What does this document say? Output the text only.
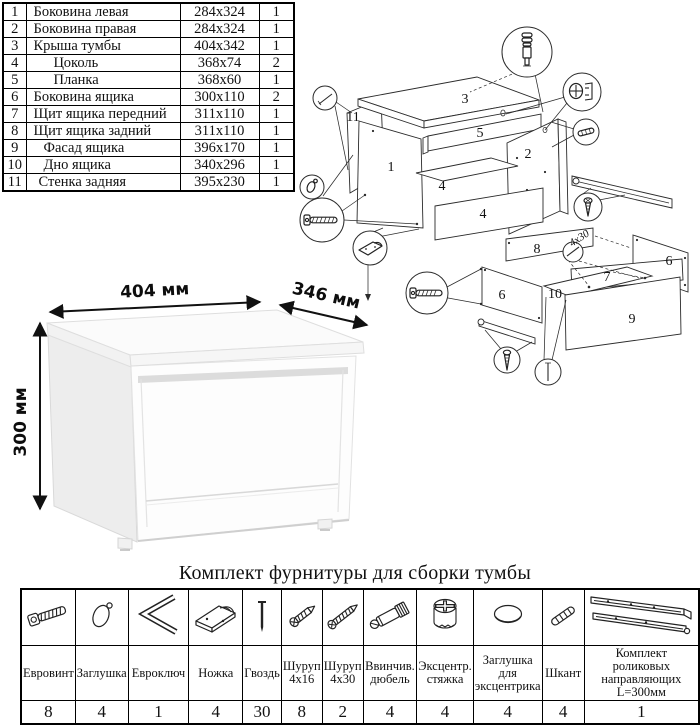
1	Боковина левая	284x324	1
2	Боковина правая	284x324	1
3	Крыша тумбы	404x342	1
4	Цоколь	368x74	2
5	Планка	368x60	1
6	Боковина ящика	300x110	2
7	Щит ящика передний	311x110	1
8	Щит ящика задний	311x110	1
9	Фасад ящика	396x170	1
10	Дно ящика	340x296	1
11	Стенка задняя	395x230	1
1
2
3
4
4
5
6
6
7
8
9
10
11
4x30
404 мм	346 мм
300 мм
Комплект фурнитуры для сборки тумбы

Евровинт	Заглушка	Евроключ	Ножка	Гвоздь	Шуруп 4x16	Шуруп 4x30	Ввинчив. дюбель	Эксцентр. стяжка	Заглушка для эксцентрика	Шкант	Комплект роликовых направляющих L=300мм
8	4	1	4	30	8	2	4	4	4	4	1
